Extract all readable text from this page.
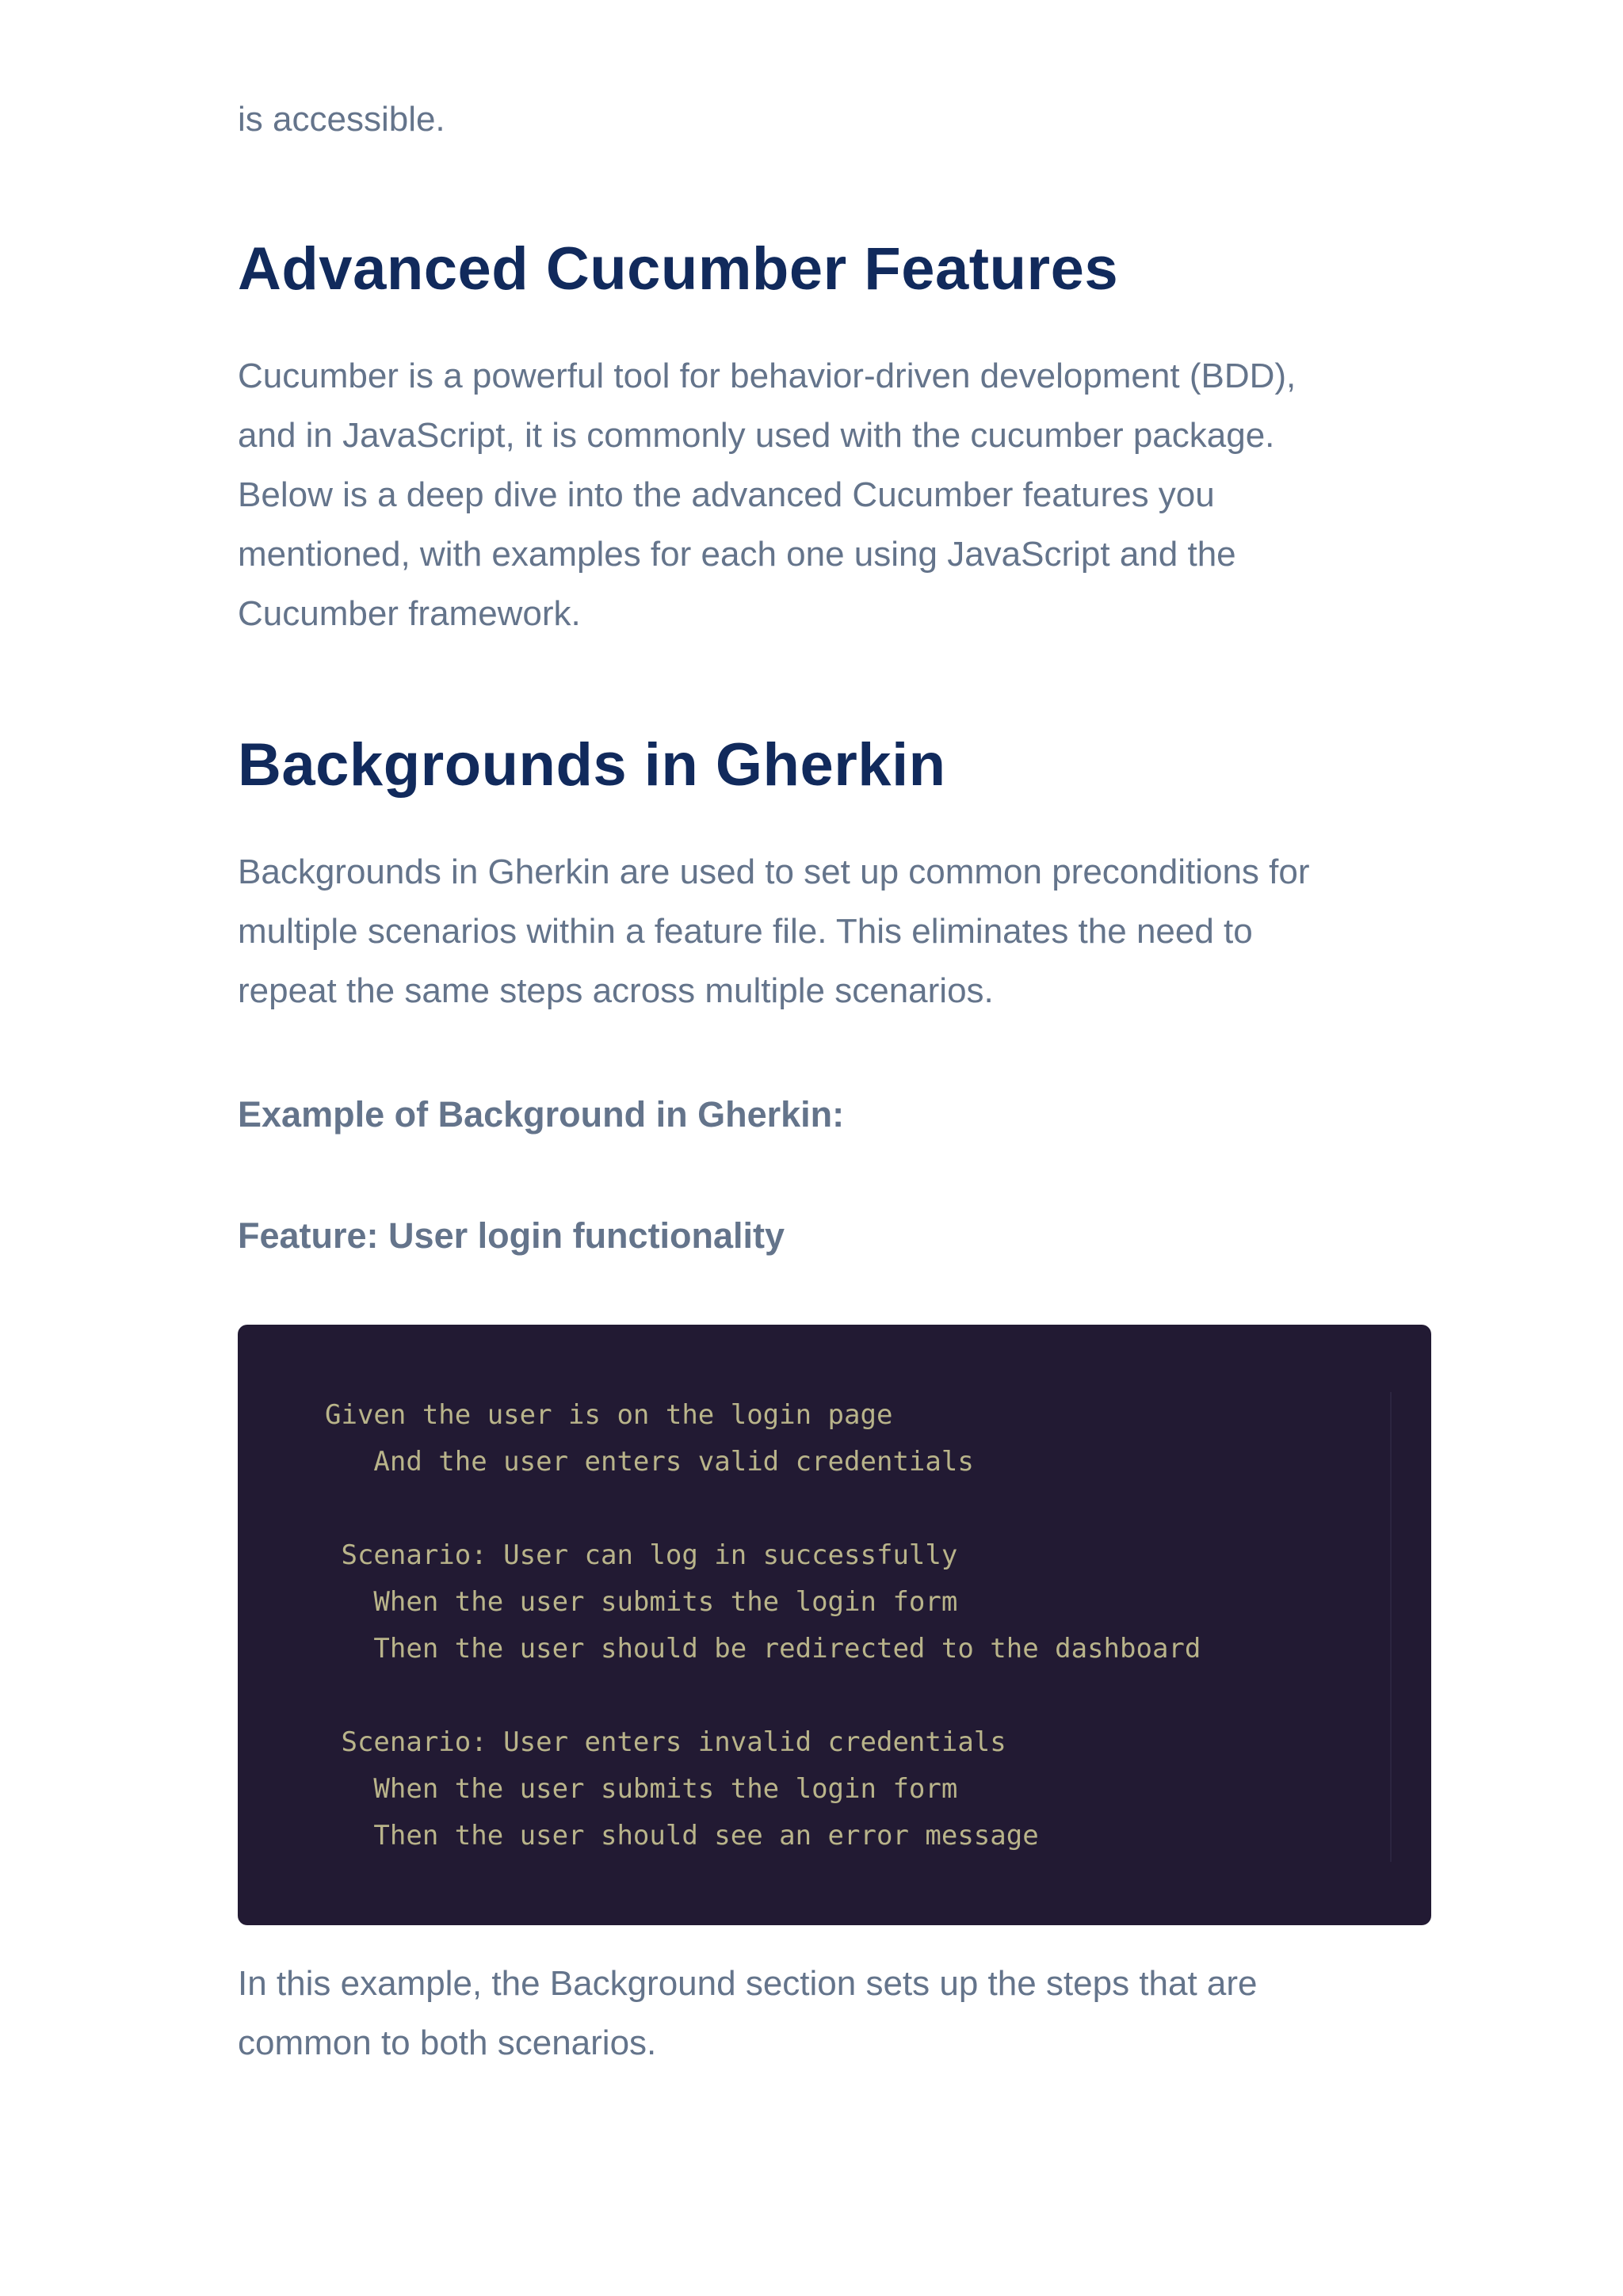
is accessible.

Advanced Cucumber Features

Cucumber is a powerful tool for behavior-driven development (BDD),

and in JavaScript, it is commonly used with the cucumber package.

Below is a deep dive into the advanced Cucumber features you

mentioned, with examples for each one using JavaScript and the

Cucumber framework.

Backgrounds in Gherkin

Backgrounds in Gherkin are used to set up common preconditions for

multiple scenarios within a feature file. This eliminates the need to

repeat the same steps across multiple scenarios.

Example of Background in Gherkin:

Feature: User login functionality

Given the user is on the login page
And the user enters valid credentials
Scenario: User can log in successfully
When the user submits the login form
Then the user should be redirected to the dashboard
Scenario: User enters invalid credentials
When the user submits the login form
Then the user should see an error message

In this example, the Background section sets up the steps that are

common to both scenarios.
